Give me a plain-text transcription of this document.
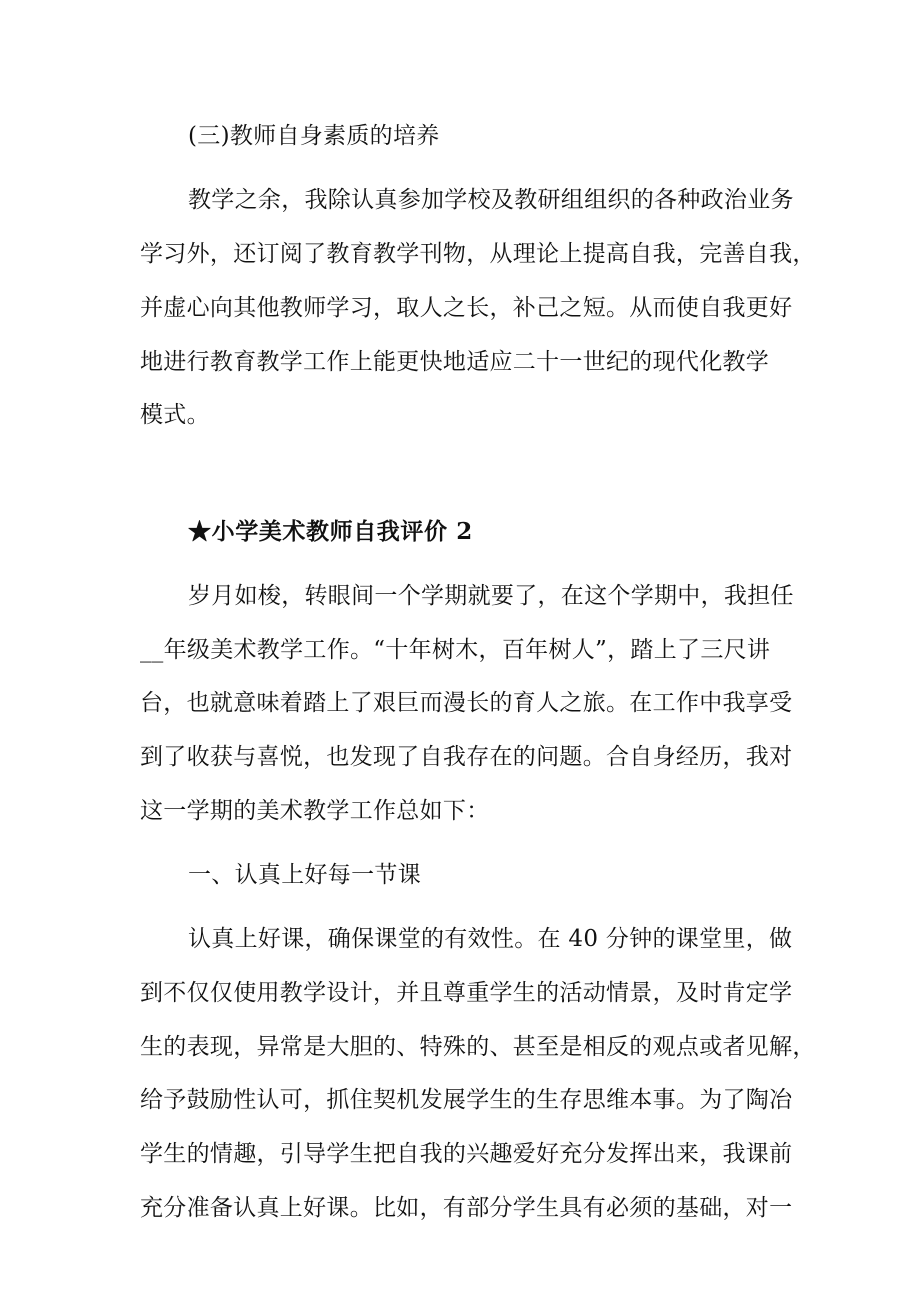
(三)教师自身素质的培养
教学之余，我除认真参加学校及教研组组织的各种政治业务
学习外，还订阅了教育教学刊物，从理论上提高自我，完善自我，
并虚心向其他教师学习，取人之长，补己之短。从而使自我更好
地进行教育教学工作上能更快地适应二十一世纪的现代化教学
模式。
★小学美术教师自我评价 2
岁月如梭，转眼间一个学期就要了，在这个学期中，我担任
__年级美术教学工作。“十年树木，百年树人”，踏上了三尺讲
台，也就意味着踏上了艰巨而漫长的育人之旅。在工作中我享受
到了收获与喜悦，也发现了自我存在的问题。合自身经历，我对
这一学期的美术教学工作总如下：
一、认真上好每一节课
认真上好课，确保课堂的有效性。在 40 分钟的课堂里，做
到不仅仅使用教学设计，并且尊重学生的活动情景，及时肯定学
生的表现，异常是大胆的、特殊的、甚至是相反的观点或者见解，
给予鼓励性认可，抓住契机发展学生的生存思维本事。为了陶冶
学生的情趣，引导学生把自我的兴趣爱好充分发挥出来，我课前
充分准备认真上好课。比如，有部分学生具有必须的基础，对一
